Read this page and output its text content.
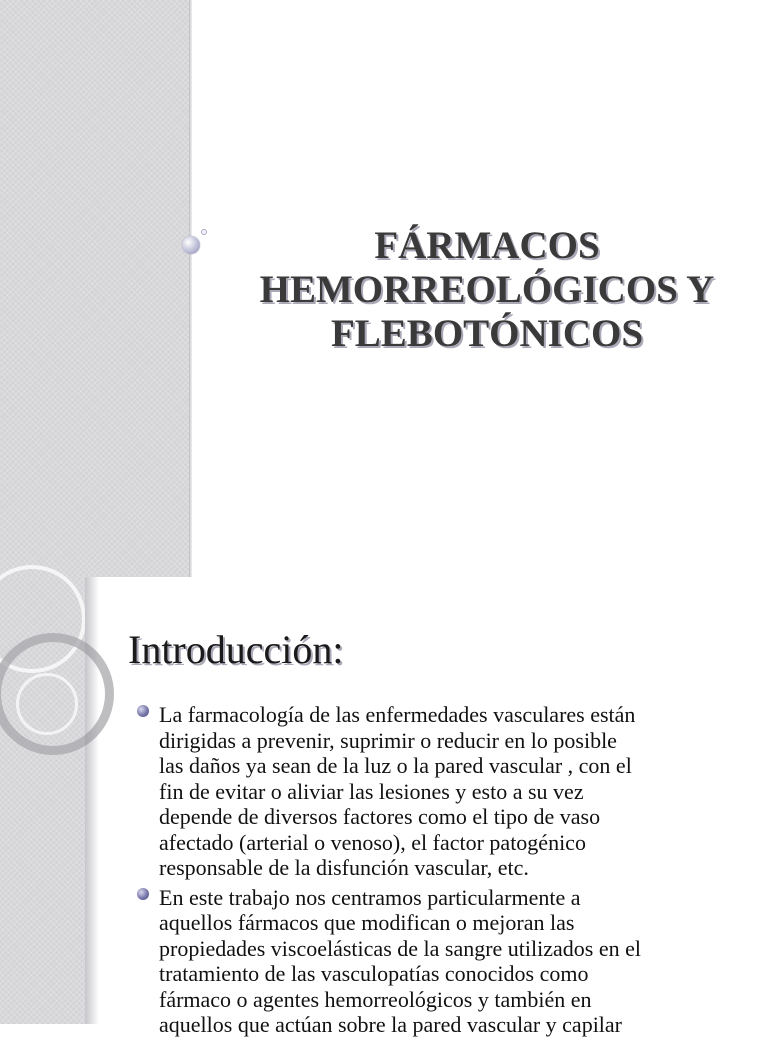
FÁRMACOS
HEMORREOLÓGICOS Y
FLEBOTÓNICOS
Introducción:
La farmacología de las enfermedades vasculares están
dirigidas a prevenir, suprimir o reducir en lo posible
las daños ya sean de la luz o la pared vascular , con el
fin de evitar o aliviar las lesiones y esto a su vez
depende de diversos factores como el tipo de vaso
afectado (arterial o venoso), el factor patogénico
responsable de la disfunción vascular, etc.
En este trabajo nos centramos particularmente a
aquellos fármacos que modifican o mejoran las
propiedades viscoelásticas de la sangre utilizados en el
tratamiento de las vasculopatías conocidos como
fármaco o agentes hemorreológicos y también en
aquellos que actúan sobre la pared vascular y capilar
